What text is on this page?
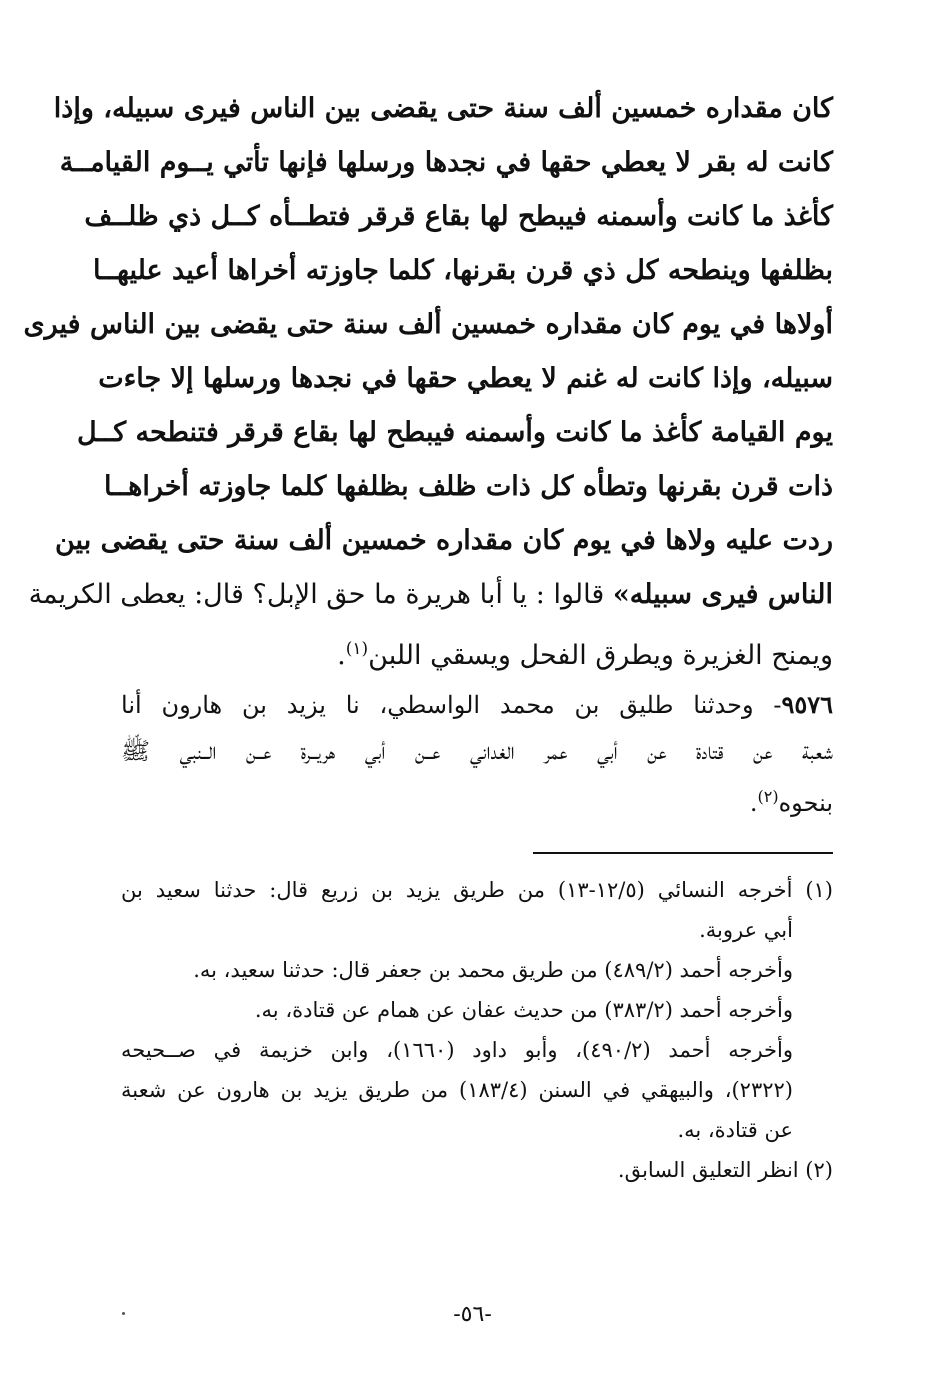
كان مقداره خمسين ألف سنة حتى يقضى بين الناس فيرى سبيله، وإذا
كانت له بقر لا يعطي حقها في نجدها ورسلها فإنها تأتي يــوم القيامــة
كأغذ ما كانت وأسمنه فيبطح لها بقاع قرقر فتطــأه كــل ذي ظلــف
بظلفها وينطحه كل ذي قرن بقرنها، كلما جاوزته أخراها أعيد عليهــا
أولاها في يوم كان مقداره خمسين ألف سنة حتى يقضى بين الناس فيرى
سبيله، وإذا كانت له غنم لا يعطي حقها في نجدها ورسلها إلا جاءت
يوم القيامة كأغذ ما كانت وأسمنه فيبطح لها بقاع قرقر فتنطحه كــل
ذات قرن بقرنها وتطأه كل ذات ظلف بظلفها كلما جاوزته أخراهــا
ردت عليه ولاها في يوم كان مقداره خمسين ألف سنة حتى يقضى بين
الناس فيرى سبيله» قالوا : يا أبا هريرة ما حق الإبل؟ قال: يعطى الكريمة
ويمنح الغزيرة ويطرق الفحل ويسقي اللبن$^{(١)}$.
٩٥٧٦- وحدثنا طليق بن محمد الواسطي، نا يزيد بن هارون أنا
شعبة عن قتادة عن أبي عمر الغداني عــن أبي هريــرة عــن الــنبي ﷺ
بنحوه$^{(٢)}$.
(١) أخرجه النسائي (١٢/٥-١٣) من طريق يزيد بن زريع قال: حدثنا سعيد بن
أبي عروبة.
وأخرجه أحمد (٤٨٩/٢) من طريق محمد بن جعفر قال: حدثنا سعيد، به.
وأخرجه أحمد (٣٨٣/٢) من حديث عفان عن همام عن قتادة، به.
وأخرجه أحمد (٤٩٠/٢)، وأبو داود (١٦٦٠)، وابن خزيمة في صــحيحه
(٢٣٢٢)، والبيهقي في السنن (١٨٣/٤) من طريق يزيد بن هارون عن شعبة
عن قتادة، به.
(٢) انظر التعليق السابق.
-٥٦-
